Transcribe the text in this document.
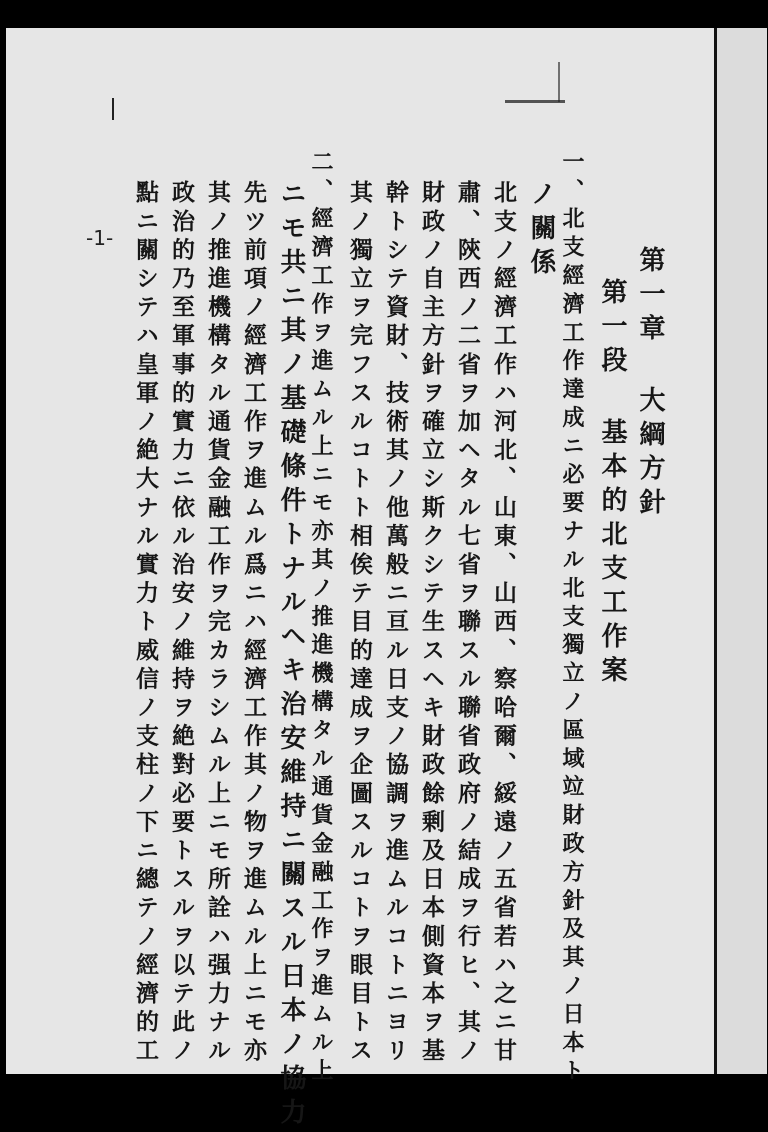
-1-
第一章 大綱方針
第一段 基本的北支工作案
一、北支經濟工作達成ニ必要ナル北支獨立ノ區域竝財政方針及其ノ日本ト
ノ關係
北支ノ經濟工作ハ河北、山東、山西、察哈爾、綏遠ノ五省若ハ之ニ甘
肅、陝西ノ二省ヲ加ヘタル七省ヲ聯スル聯省政府ノ結成ヲ行ヒ、其ノ
財政ノ自主方針ヲ確立シ斯クシテ生スヘキ財政餘剰及日本側資本ヲ基
幹トシテ資財、技術其ノ他萬般ニ亘ル日支ノ協調ヲ進ムルコトニヨリ
其ノ獨立ヲ完フスルコトト相俟テ目的達成ヲ企圖スルコトヲ眼目トス
二、經濟工作ヲ進ムル上ニモ亦其ノ推進機構タル通貨金融工作ヲ進ムル上
ニモ共ニ其ノ基礎條件トナルヘキ治安維持ニ關スル日本ノ協力
先ツ前項ノ經濟工作ヲ進ムル爲ニハ經濟工作其ノ物ヲ進ムル上ニモ亦
其ノ推進機構タル通貨金融工作ヲ完カラシムル上ニモ所詮ハ强力ナル
政治的乃至軍事的實力ニ依ル治安ノ維持ヲ絶對必要トスルヲ以テ此ノ
點ニ關シテハ皇軍ノ絶大ナル實力ト威信ノ支柱ノ下ニ總テノ經濟的工
